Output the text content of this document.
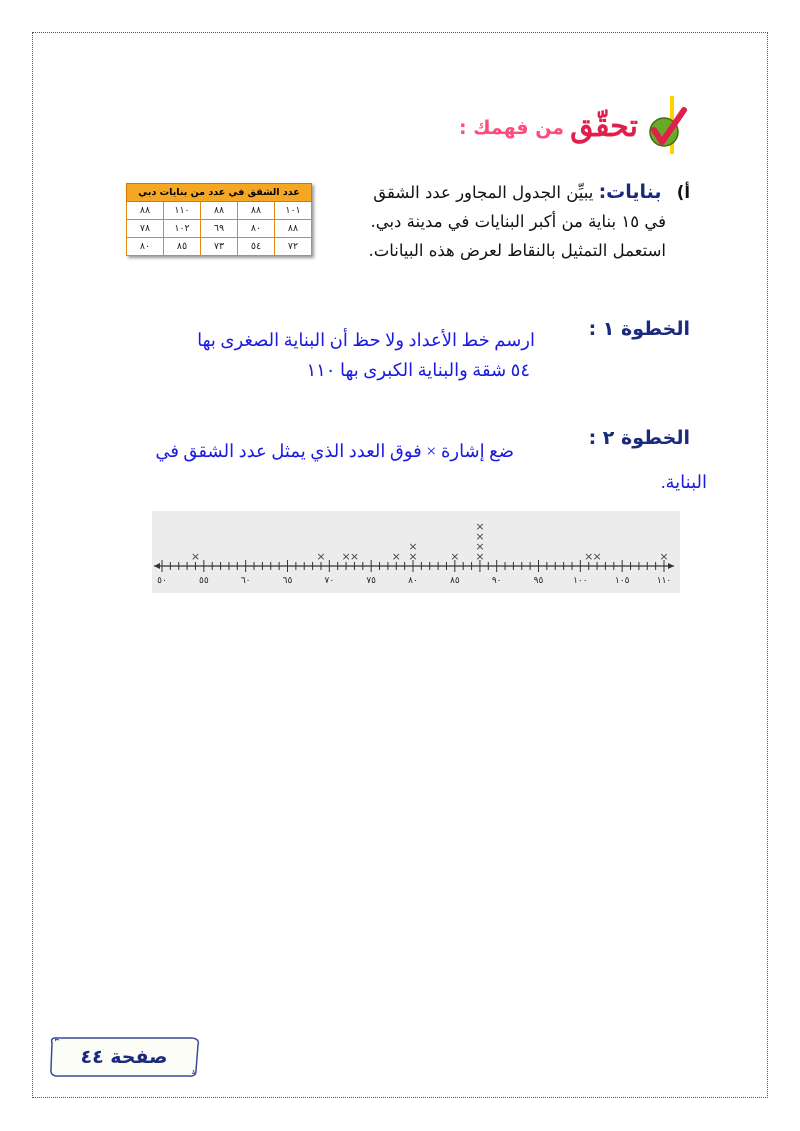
تحقّق
من فهمك :
أ) بنايات: يبيِّن الجدول المجاور عدد الشقق
في ١٥ بناية من أكبر البنايات في مدينة دبي.
استعمل التمثيل بالنقاط لعرض هذه البيانات.
عدد الشقق في عدد من بنايات دبي				
١٠١	٨٨	٨٨	١١٠	٨٨
٨٨	٨٠	٦٩	١٠٢	٧٨
٧٢	٥٤	٧٣	٨٥	٨٠
الخطوة ١ :
ارسم خط الأعداد ولا حظ أن البناية الصغرى بها
٥٤ شقة والبناية الكبرى بها ١١٠
الخطوة ٢ :
ضع إشارة × فوق العدد الذي يمثل عدد الشقق في
البناية.
٥٠	٥٥	٦٠	٦٥	٧٠	٧٥	٨٠	٨٥	٩٠	٩٥	١٠٠	١٠٥	١١٠
×	× × ×	× ×
×
× ×
×
×
×
× ×	×
صفحة ٤٤
